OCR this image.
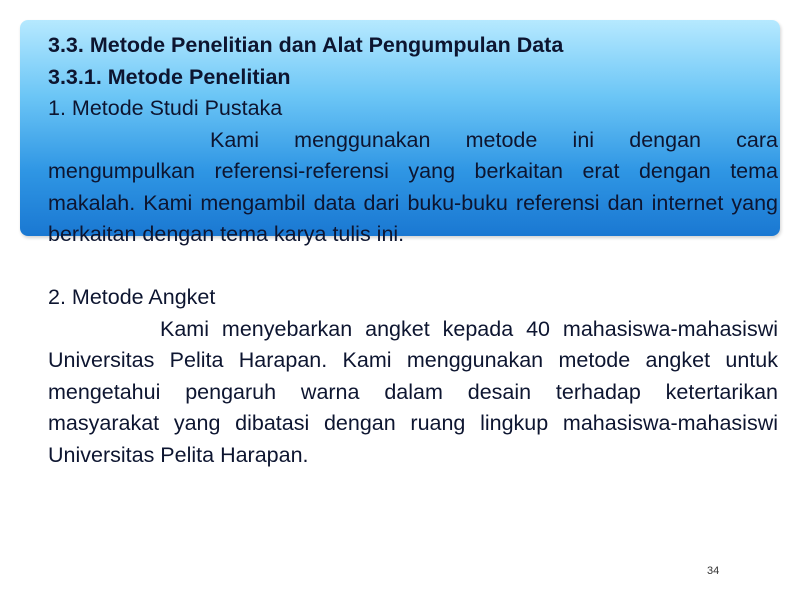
3.3. Metode Penelitian dan Alat Pengumpulan Data

3.3.1. Metode Penelitian

1. Metode Studi Pustaka

Kami menggunakan metode ini dengan cara mengumpulkan referensi-referensi yang berkaitan erat dengan tema makalah. Kami mengambil data dari buku-buku referensi dan internet yang berkaitan dengan tema karya tulis ini.

2. Metode Angket

Kami menyebarkan angket kepada 40 mahasiswa-mahasiswi Universitas Pelita Harapan. Kami menggunakan metode angket untuk mengetahui pengaruh warna dalam desain terhadap ketertarikan masyarakat yang dibatasi dengan ruang lingkup mahasiswa-mahasiswi Universitas Pelita Harapan.

34
